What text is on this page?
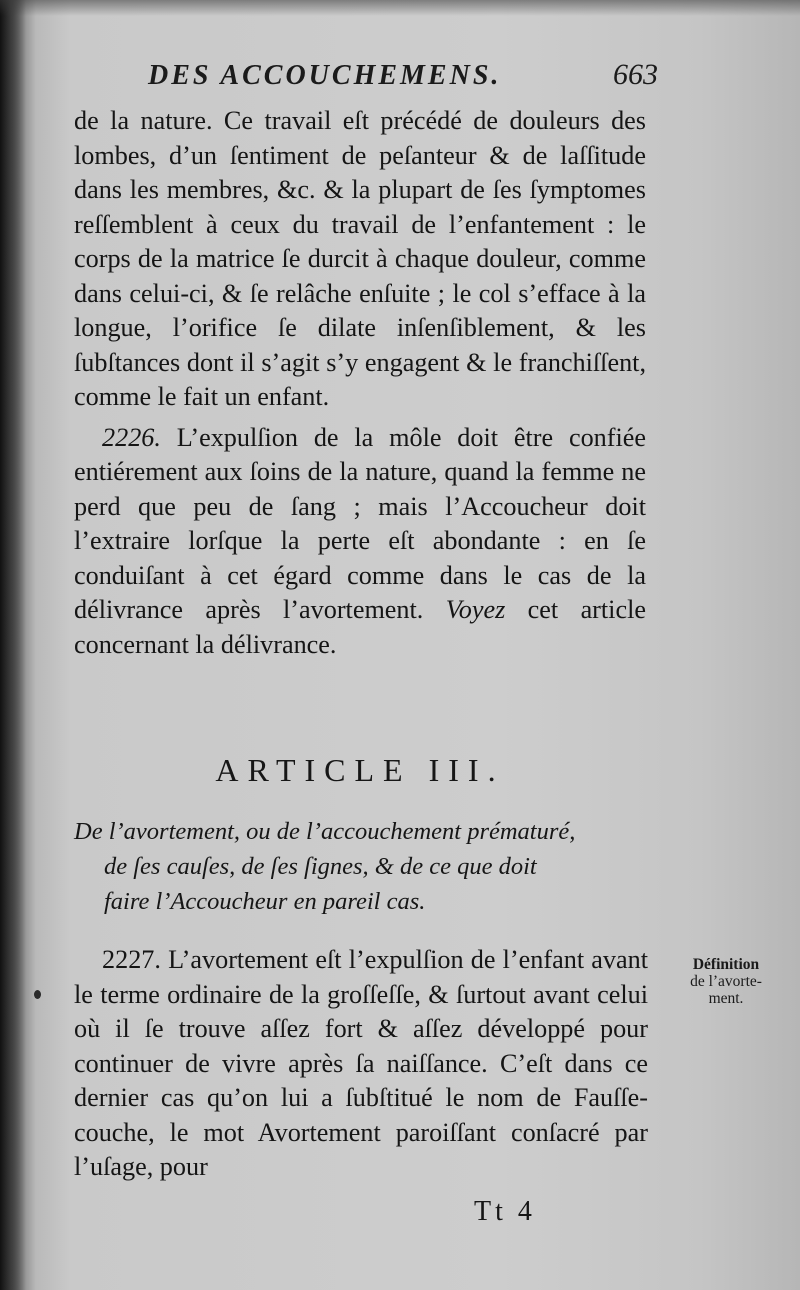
DES ACCOUCHEMENS.	663

de la nature. Ce travail eſt précédé de douleurs des lombes, d’un ſentiment de peſanteur & de laſſitude dans les membres, &c. & la plupart de ſes ſymptomes reſſemblent à ceux du travail de l’enfantement : le corps de la matrice ſe durcit à chaque douleur, comme dans celui-ci, & ſe relâche enſuite ; le col s’efface à la longue, l’orifice ſe dilate inſenſiblement, & les ſubſtances dont il s’agit s’y engagent & le franchiſſent, comme le fait un enfant.

2226. L’expulſion de la môle doit être confiée entiérement aux ſoins de la nature, quand la femme ne perd que peu de ſang ; mais l’Accoucheur doit l’extraire lorſque la perte eſt abondante : en ſe conduiſant à cet égard comme dans le cas de la délivrance après l’avortement. Voyez cet article concernant la délivrance.

ARTICLE III.
De l’avortement, ou de l’accouchement prématuré,
de ſes cauſes, de ſes ſignes, & de ce que doit
faire l’Accoucheur en pareil cas.

2227. L’avortement eſt l’expulſion de l’enfant avant le terme ordinaire de la groſſeſſe, & ſurtout avant celui où il ſe trouve aſſez fort & aſſez développé pour continuer de vivre après ſa naiſſance. C’eſt dans ce dernier cas qu’on lui a ſubſtitué le nom de Fauſſe-couche, le mot Avortement paroiſſant conſacré par l’uſage, pour

Définition
de l’avorte-
ment.
Tt 4
